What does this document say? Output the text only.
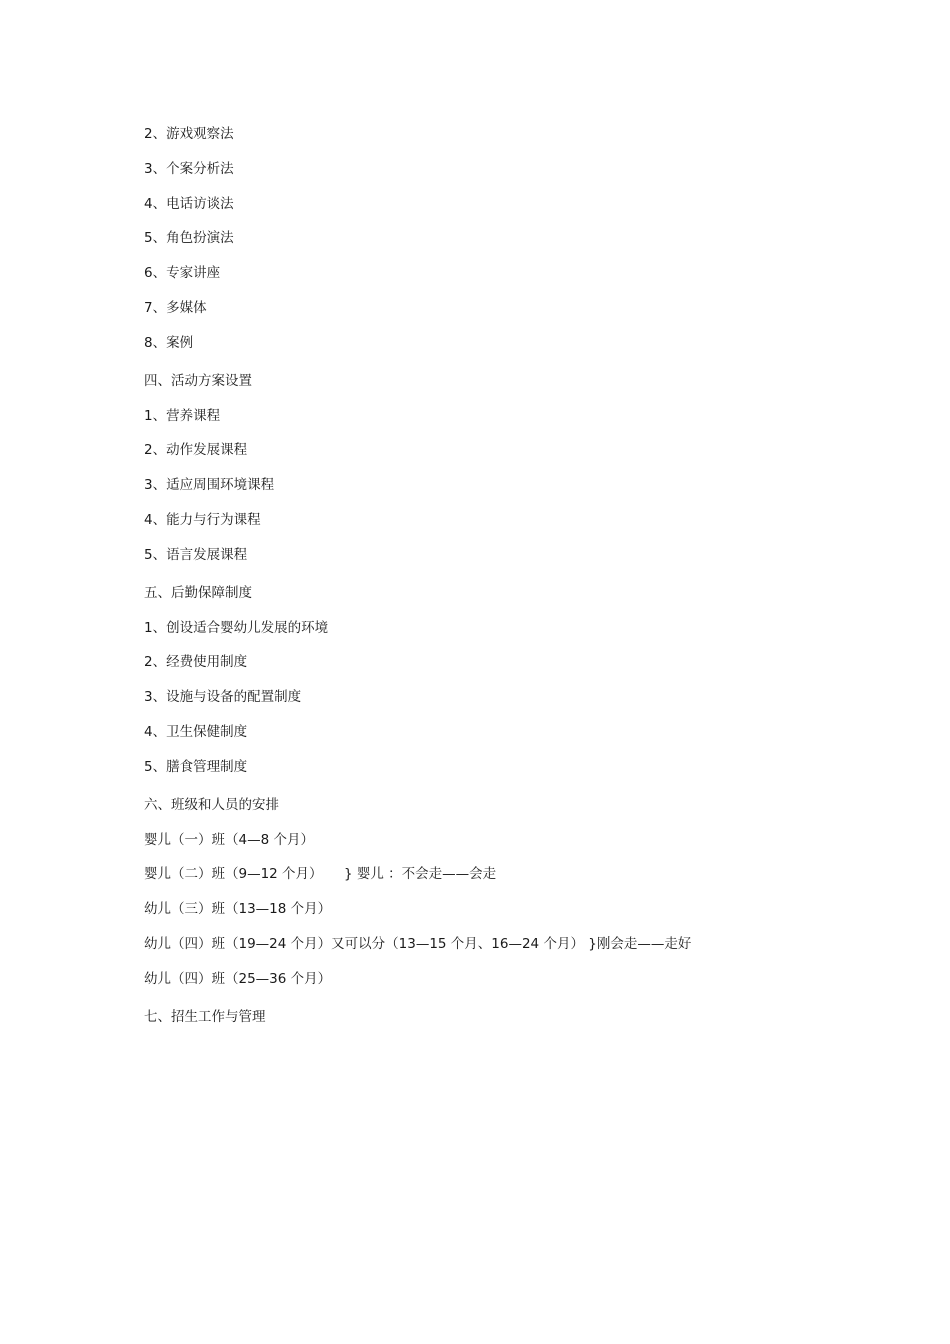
2、游戏观察法
3、个案分析法
4、电话访谈法
5、角色扮演法
6、专家讲座
7、多媒体
8、案例
四、活动方案设置
1、营养课程
2、动作发展课程
3、适应周围环境课程
4、能力与行为课程
5、语言发展课程
五、后勤保障制度
1、创设适合婴幼儿发展的环境
2、经费使用制度
3、设施与设备的配置制度
4、卫生保健制度
5、膳食管理制度
六、班级和人员的安排
婴儿（一）班（4—8 个月）
婴儿（二）班（9—12 个月）     } 婴儿 ：不会走——会走
幼儿（三）班（13—18 个月）
幼儿（四）班（19—24 个月）又可以分（13—15 个月、16—24 个月） }刚会走——走好
幼儿（四）班（25—36 个月）
七、招生工作与管理
